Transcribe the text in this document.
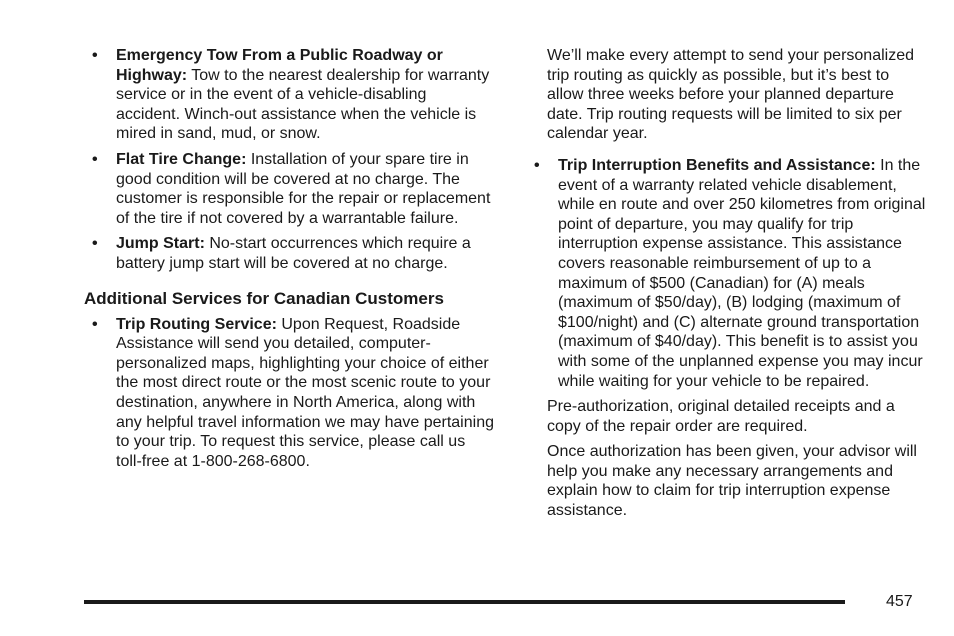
• Emergency Tow From a Public Roadway or Highway: Tow to the nearest dealership for warranty service or in the event of a vehicle-disabling accident. Winch-out assistance when the vehicle is mired in sand, mud, or snow.
• Flat Tire Change: Installation of your spare tire in good condition will be covered at no charge. The customer is responsible for the repair or replacement of the tire if not covered by a warrantable failure.
• Jump Start: No-start occurrences which require a battery jump start will be covered at no charge.
Additional Services for Canadian Customers
• Trip Routing Service: Upon Request, Roadside Assistance will send you detailed, computer-personalized maps, highlighting your choice of either the most direct route or the most scenic route to your destination, anywhere in North America, along with any helpful travel information we may have pertaining to your trip. To request this service, please call us toll-free at 1-800-268-6800.

We’ll make every attempt to send your personalized trip routing as quickly as possible, but it’s best to allow three weeks before your planned departure date. Trip routing requests will be limited to six per calendar year.

• Trip Interruption Benefits and Assistance: In the event of a warranty related vehicle disablement, while en route and over 250 kilometres from original point of departure, you may qualify for trip interruption expense assistance. This assistance covers reasonable reimbursement of up to a maximum of $500 (Canadian) for (A) meals (maximum of $50/day), (B) lodging (maximum of $100/night) and (C) alternate ground transportation (maximum of $40/day). This benefit is to assist you with some of the unplanned expense you may incur while waiting for your vehicle to be repaired.

Pre-authorization, original detailed receipts and a copy of the repair order are required.

Once authorization has been given, your advisor will help you make any necessary arrangements and explain how to claim for trip interruption expense assistance.

457
